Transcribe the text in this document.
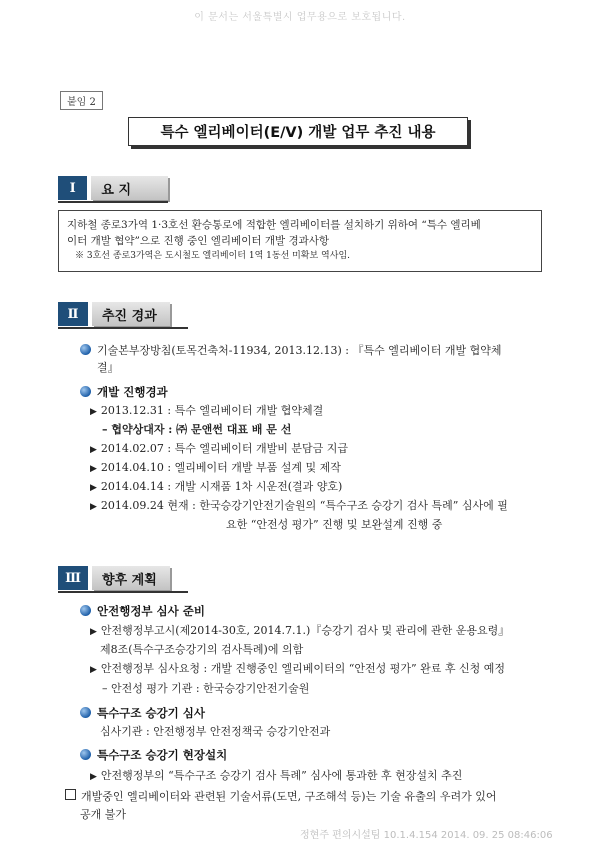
이 문서는 서울특별시 업무용으로 보호됩니다.
붙임 2
특수 엘리베이터(E/V) 개발 업무 추진 내용
Ⅰ	요 지
지하철 종로3가역 1·3호선 환승통로에 적합한 엘리베이터를 설치하기 위하여 “특수 엘리베
이터 개발 협약”으로 진행 중인 엘리베이터 개발 경과사항
※ 3호선 종로3가역은 도시철도 엘리베이터 1역 1동선 미확보 역사임.
Ⅱ	추진 경과
기술본부장방침(토목건축처-11934, 2013.12.13) : 『특수 엘리베이터 개발 협약체
결』
개발 진행경과
▶ 2013.12.31 : 특수 엘리베이터 개발 협약체결
– 협약상대자 : ㈜ 문앤썬 대표 배 문 선
▶ 2014.02.07 : 특수 엘리베이터 개발비 분담금 지급
▶ 2014.04.10 : 엘리베이터 개발 부품 설계 및 제작
▶ 2014.04.14 : 개발 시재품 1차 시운전(결과 양호)
▶ 2014.09.24 현재 : 한국승강기안전기술원의 “특수구조 승강기 검사 특례” 심사에 필
요한 “안전성 평가” 진행 및 보완설계 진행 중
Ⅲ	향후 계획
안전행정부 심사 준비
▶ 안전행정부고시(제2014-30호, 2014.7.1.)『승강기 검사 및 관리에 관한 운용요령』
제8조(특수구조승강기의 검사특례)에 의함
▶ 안전행정부 심사요청 : 개발 진행중인 엘리베이터의 “안전성 평가” 완료 후 신청 예정
– 안전성 평가 기관 : 한국승강기안전기술원
특수구조 승강기 심사
심사기관 : 안전행정부 안전정책국 승강기안전과
특수구조 승강기 현장설치
▶ 안전행정부의 “특수구조 승강기 검사 특례” 심사에 통과한 후 현장설치 추진
개발중인 엘리베이터와 관련된 기술서류(도면, 구조해석 등)는 기술 유출의 우려가 있어
공개 불가
정현주 편의시설팀 10.1.4.154 2014. 09. 25 08:46:06
